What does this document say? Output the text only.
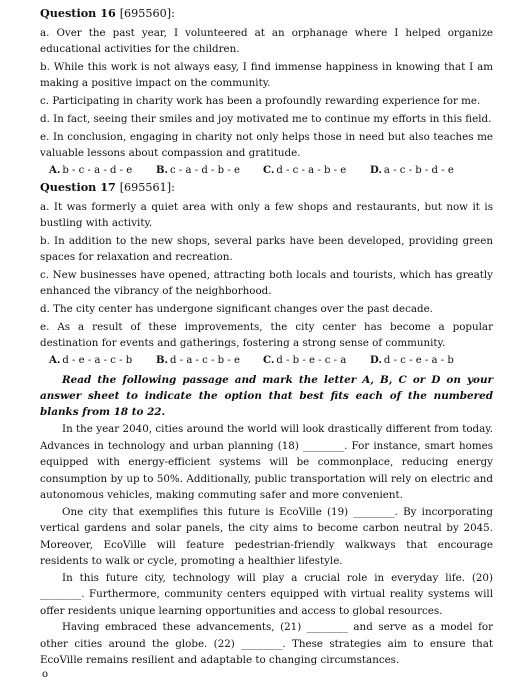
Question 16 [695560]:

a. Over the past year, I volunteered at an orphanage where I helped organize educational activities for the children.

b. While this work is not always easy, I find immense happiness in knowing that I am making a positive impact on the community.

c. Participating in charity work has been a profoundly rewarding experience for me.

d. In fact, seeing their smiles and joy motivated me to continue my efforts in this field.

e. In conclusion, engaging in charity not only helps those in need but also teaches me valuable lessons about compassion and gratitude.

A. b - c - a - d - e	B. c - a - d - b - e	C. d - c - a - b - e	D. a - c - b - d - e
Question 17 [695561]:

a. It was formerly a quiet area with only a few shops and restaurants, but now it is bustling with activity.

b. In addition to the new shops, several parks have been developed, providing green spaces for relaxation and recreation.

c. New businesses have opened, attracting both locals and tourists, which has greatly enhanced the vibrancy of the neighborhood.

d. The city center has undergone significant changes over the past decade.

e. As a result of these improvements, the city center has become a popular destination for events and gatherings, fostering a strong sense of community.

A. d - e - a - c - b	B. d - a - c - b - e	C. d - b - e - c - a	D. d - c - e - a - b

Read the following passage and mark the letter A, B, C or D on your answer sheet to indicate the option that best fits each of the numbered blanks from 18 to 22.

In the year 2040, cities around the world will look drastically different from today. Advances in technology and urban planning (18) ________. For instance, smart homes equipped with energy-efficient systems will be commonplace, reducing energy consumption by up to 50%. Additionally, public transportation will rely on electric and autonomous vehicles, making commuting safer and more convenient.

One city that exemplifies this future is EcoVille (19) ________. By incorporating vertical gardens and solar panels, the city aims to become carbon neutral by 2045. Moreover, EcoVille will feature pedestrian-friendly walkways that encourage residents to walk or cycle, promoting a healthier lifestyle.

In this future city, technology will play a crucial role in everyday life. (20) ________. Furthermore, community centers equipped with virtual reality systems will offer residents unique learning opportunities and access to global resources.

Having embraced these advancements, (21) ________ and serve as a model for other cities around the globe. (22) ________. These strategies aim to ensure that EcoVille remains resilient and adaptable to changing circumstances.

o
